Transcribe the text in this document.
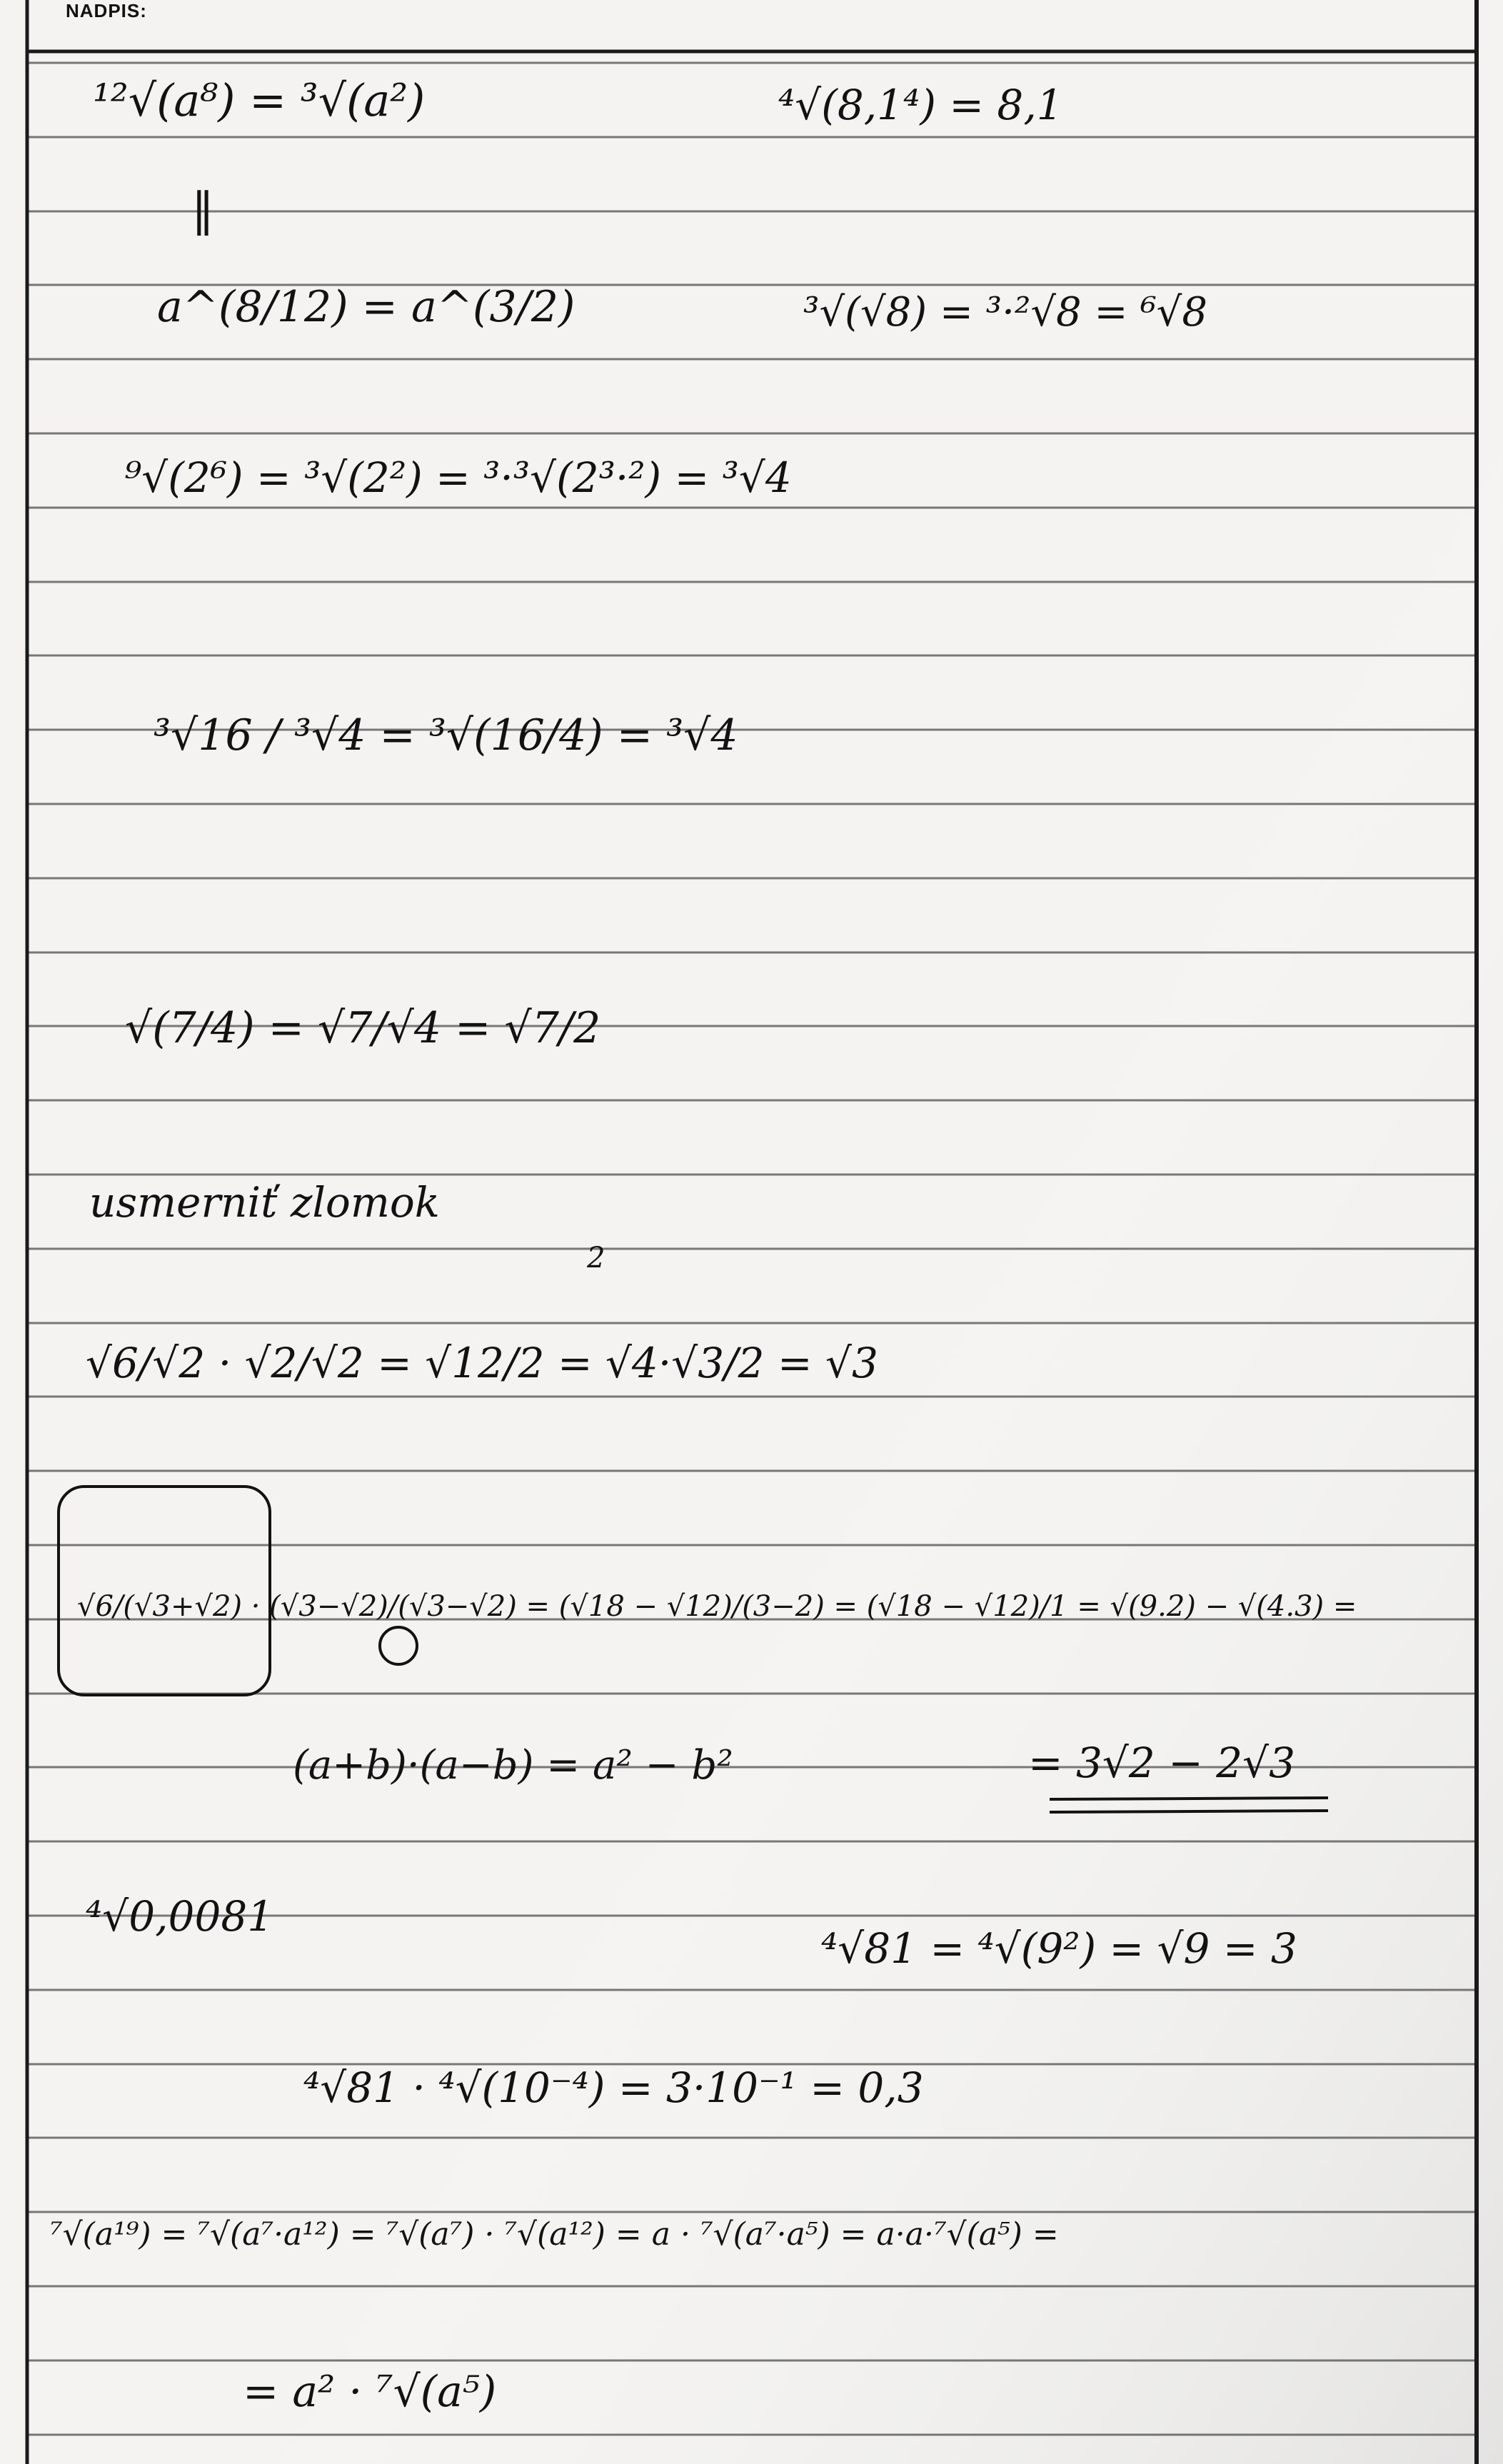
NADPIS:
¹²√(a⁸) = ³√(a²)	⁴√(8,1⁴) = 8,1
‖
a^(8/12) = a^(3/2)	³√(√8) = ³·²√8 = ⁶√8
⁹√(2⁶) = ³√(2²) = ³·³√(2³·²) = ³√4
³√16 / ³√4 = ³√(16/4) = ³√4
√(7/4) = √7/√4 = √7/2
usmerniť zlomok
√6/√2 · √2/√2 = √12/2 = √4·√3/2 = √3
2
√6/(√3+√2) · (√3−√2)/(√3−√2) = (√18 − √12)/(3−2) = (√18 − √12)/1 = √(9.2) − √(4.3) =
(a+b)·(a−b) = a² − b²	= 3√2 − 2√3
⁴√0,0081
⁴√81 = ⁴√(9²) = √9 = 3
⁴√81 · ⁴√(10⁻⁴) = 3·10⁻¹ = 0,3
⁷√(a¹⁹) = ⁷√(a⁷·a¹²) = ⁷√(a⁷) · ⁷√(a¹²) = a · ⁷√(a⁷·a⁵) = a·a·⁷√(a⁵) =
= a² · ⁷√(a⁵)
